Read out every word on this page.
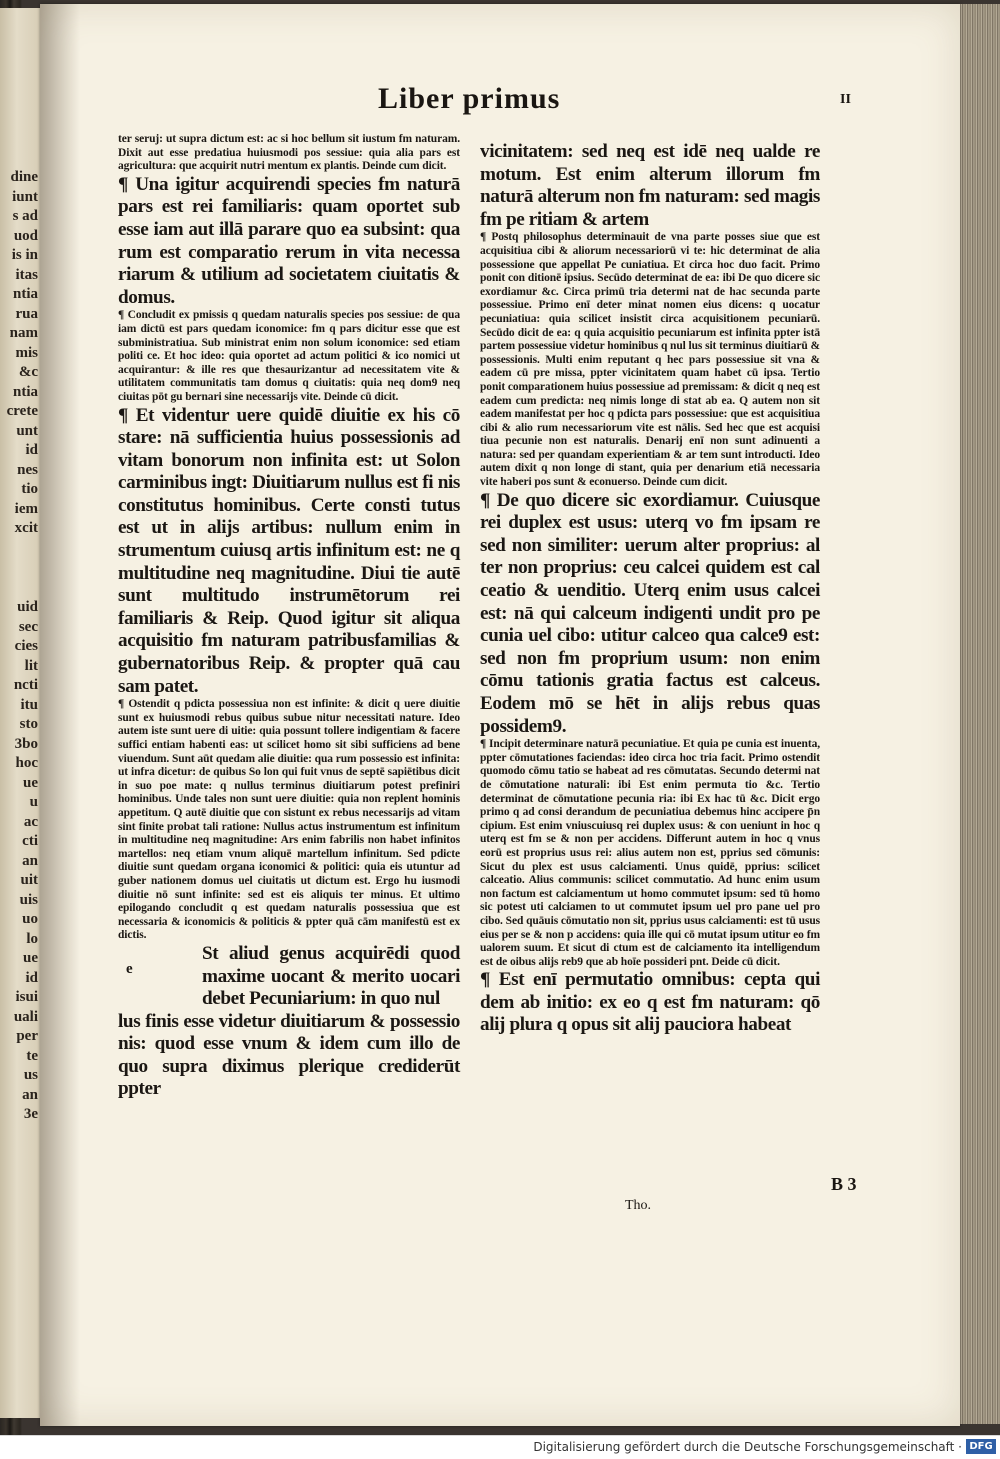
dine
iunt
s ad
uod
is in
itas
ntia
rua
nam
mis
&c
ntia
crete
unt
id
nes
tio
iem
xcit
uid
sec
cies
lit
ncti
itu
sto
3bo
hoc
ue
u
ac
cti
an
uit
uis
uo
lo
ue
id
isui
uali
per
te
us
an
3e

Liber primus	II

ter seruj: ut supra dictum est: ac si hoc bellum sit iustum fm naturam. Dixit aut esse predatiua huiusmodi pos sessiue: quia alia pars est agricultura: que acquirit nutri mentum ex plantis. Deinde cum dicit.

¶ Una igitur acquirendi species fm naturā pars est rei familiaris: quam oportet sub esse iam aut illā parare quo ea subsint: qua rum est comparatio rerum in vita necessa riarum & utilium ad societatem ciuitatis & domus.

¶ Concludit ex pmissis q quedam naturalis species pos sessiue: de qua iam dictū est pars quedam iconomice: fm q pars dicitur esse que est subministratiua. Sub ministrat enim non solum iconomice: sed etiam politi ce. Et hoc ideo: quia oportet ad actum politici & ico nomici ut acquirantur: & ille res que thesaurizantur ad necessitatem vite & utilitatem communitatis tam domus q ciuitatis: quia neq dom9 neq ciuitas pōt gu bernari sine necessarijs vite. Deinde cū dicit.

¶ Et videntur uere quidē diuitie ex his cō stare: nā sufficientia huius possessionis ad vitam bonorum non infinita est: ut Solon carminibus ingt: Diuitiarum nullus est fi nis constitutus hominibus. Certe consti tutus est ut in alijs artibus: nullum enim in strumentum cuiusq artis infinitum est: ne q multitudine neq magnitudine. Diui tie autē sunt multitudo instrumētorum rei familiaris & Reip. Quod igitur sit aliqua acquisitio fm naturam patribusfamilias & gubernatoribus Reip. & propter quā cau sam patet.

¶ Ostendit q pdicta possessiua non est infinite: & dicit q uere diuitie sunt ex huiusmodi rebus quibus subue nitur necessitati nature. Ideo autem iste sunt uere di uitie: quia possunt tollere indigentiam & facere suffici entiam habenti eas: ut scilicet homo sit sibi sufficiens ad bene viuendum. Sunt aūt quedam alie diuitie: qua rum possessio est infinita: ut infra dicetur: de quibus So lon qui fuit vnus de septē sapiētibus dicit in suo poe mate: q nullus terminus diuitiarum potest prefiniri hominibus. Unde tales non sunt uere diuitie: quia non replent hominis appetitum. Q autē diuitie que con sistunt ex rebus necessarijs ad vitam sint finite probat tali ratione: Nullus actus instrumentum est infinitum in multitudine neq magnitudine: Ars enim fabrilis non habet infinitos martellos: neq etiam vnum aliquē martellum infinitum. Sed pdicte diuitie sunt quedam organa iconomici & politici: quia eis utuntur ad guber nationem domus uel ciuitatis ut dictum est. Ergo hu iusmodi diuitie nō sunt infinite: sed est eis aliquis ter minus. Et ultimo epilogando concludit q est quedam naturalis possessiua que est necessaria & iconomicis & politicis & ppter quā cām manifestū est ex dictis.

e

St aliud genus acquirēdi quod maxime uocant & merito uocari debet Pecuniarium: in quo nul

lus finis esse videtur diuitiarum & possessio nis: quod esse vnum & idem cum illo de quo supra diximus plerique crediderūt ppter

vicinitatem: sed neq est idē neq ualde re motum. Est enim alterum illorum fm naturā alterum non fm naturam: sed magis fm pe ritiam & artem

¶ Postq philosophus determinauit de vna parte posses siue que est acquisitiua cibi & aliorum necessariorū vi te: hic determinat de alia possessione que appellat Pe cuniatiua. Et circa hoc duo facit. Primo ponit con ditionē ipsius. Secūdo determinat de ea: ibi De quo dicere sic exordiamur &c. Circa primū tria determi nat de hac secunda parte possessiue. Primo enī deter minat nomen eius dicens: q uocatur pecuniatiua: quia scilicet insistit circa acquisitionem pecuniarū. Secūdo dicit de ea: q quia acquisitio pecuniarum est infinita ppter istā partem possessiue videtur hominibus q nul lus sit terminus diuitiarū & possessionis. Multi enim reputant q hec pars possessiue sit vna & eadem cū pre missa, ppter vicinitatem quam habet cū ipsa. Tertio ponit comparationem huius possessiue ad premissam: & dicit q neq est eadem cum predicta: neq nimis longe di stat ab ea. Q autem non sit eadem manifestat per hoc q pdicta pars possessiue: que est acquisitiua cibi & alio rum necessariorum vite est nālis. Sed hec que est acquisi tiua pecunie non est naturalis. Denarij enī non sunt adinuenti a natura: sed per quandam experientiam & ar tem sunt introducti. Ideo autem dixit q non longe di stant, quia per denarium etiā necessaria vite haberi pos sunt & econuerso. Deinde cum dicit.

¶ De quo dicere sic exordiamur. Cuiusque rei duplex est usus: uterq vo fm ipsam re sed non similiter: uerum alter proprius: al ter non proprius: ceu calcei quidem est cal ceatio & uenditio. Uterq enim usus calcei est: nā qui calceum indigenti undit pro pe cunia uel cibo: utitur calceo qua calce9 est: sed non fm proprium usum: non enim cōmu tationis gratia factus est calceus. Eodem mō se hēt in alijs rebus quas possidem9.

¶ Incipit determinare naturā pecuniatiue. Et quia pe cunia est inuenta, ppter cōmutationes faciendas: ideo circa hoc tria facit. Primo ostendit quomodo cōmu tatio se habeat ad res cōmutatas. Secundo determi nat de cōmutatione naturali: ibi Est enim permuta tio &c. Tertio determinat de cōmutatione pecunia ria: ibi Ex hac tū &c. Dicit ergo primo q ad consi derandum de pecuniatiua debemus hinc accipere p̄n cipium. Est enim vniuscuiusq rei duplex usus: & con ueniunt in hoc q uterq est fm se & non per accidens. Differunt autem in hoc q vnus eorū est proprius usus rei: alius autem non est, pprius sed cōmunis: Sicut du plex est usus calciamenti. Unus quidē, pprius: scilicet calceatio. Alius communis: scilicet commutatio. Ad hunc enim usum non factum est calciamentum ut homo commutet ipsum: sed tū homo sic potest uti calciamen to ut commutet ipsum uel pro pane uel pro cibo. Sed quāuis cōmutatio non sit, pprius usus calciamenti: est tū usus eius per se & non p accidens: quia ille qui cō mutat ipsum utitur eo fm ualorem suum. Et sicut di ctum est de calciamento ita intelligendum est de oibus alijs reb9 que ab hoīe possideri pnt. Deide cū dicit.

¶ Est enī permutatio omnibus: cepta qui dem ab initio: ex eo q est fm naturam: qō alij plura q opus sit alij pauciora habeat

B 3
Tho.
Digitalisierung gefördert durch die Deutsche Forschungsgemeinschaft · DFG
